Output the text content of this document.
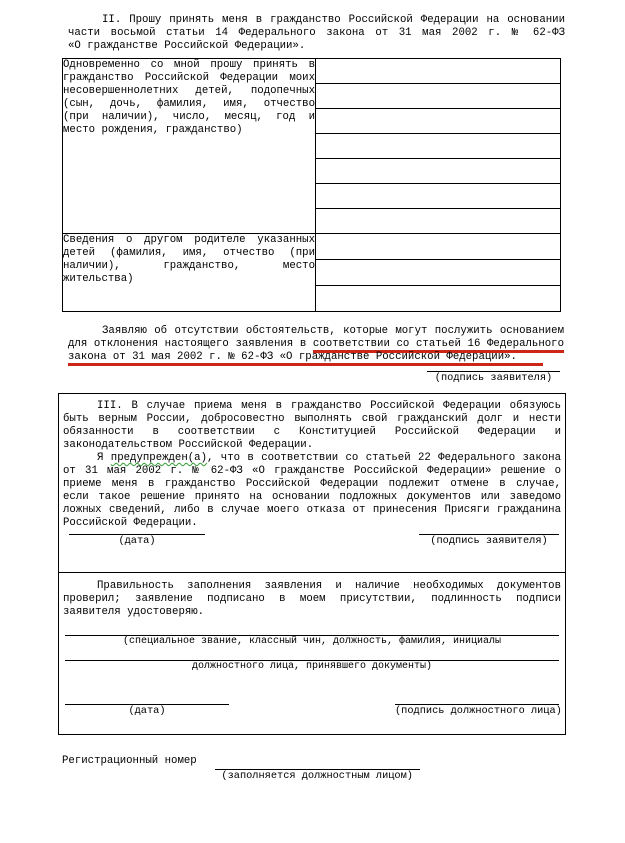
II. Прошу принять меня в гражданство Российской Федерации на основании
части восьмой статьи 14 Федерального закона от 31 мая 2002 г. № 62-ФЗ
«О гражданстве Российской Федерации».
Одновременно со мной прошу принять в
гражданство Российской Федерации моих
несовершеннолетних детей, подопечных
(сын, дочь, фамилия, имя, отчество
(при наличии), число, месяц, год и
место рождения, гражданство)

Сведения о другом родителе указанных
детей (фамилия, имя, отчество (при
наличии), гражданство, место
жительства)	

Заявляю об отсутствии обстоятельств, которые могут послужить основанием
для отклонения настоящего заявления в соответствии со статьей 16 Федерального
закона от 31 мая 2002 г. № 62-ФЗ «О гражданстве Российской Федерации».
(подпись заявителя)
III. В случае приема меня в гражданство Российской Федерации обязуюсь
быть верным России, добросовестно выполнять свой гражданский долг и нести
обязанности в соответствии с Конституцией Российской Федерации и
законодательством Российской Федерации.
Я предупрежден(а), что в соответствии со статьей 22 Федерального закона
от 31 мая 2002 г. № 62-ФЗ «О гражданстве Российской Федерации» решение о
приеме меня в гражданство Российской Федерации подлежит отмене в случае,
если такое решение принято на основании подложных документов или заведомо
ложных сведений, либо в случае моего отказа от принесения Присяги гражданина
Российской Федерации.
(дата)	(подпись заявителя)
Правильность заполнения заявления и наличие необходимых документов
проверил; заявление подписано в моем присутствии, подлинность подписи
заявителя удостоверяю.
(специальное звание, классный чин, должность, фамилия, инициалы
должностного лица, принявшего документы)
(дата)	(подпись должностного лица)
Регистрационный номер
(заполняется должностным лицом)
